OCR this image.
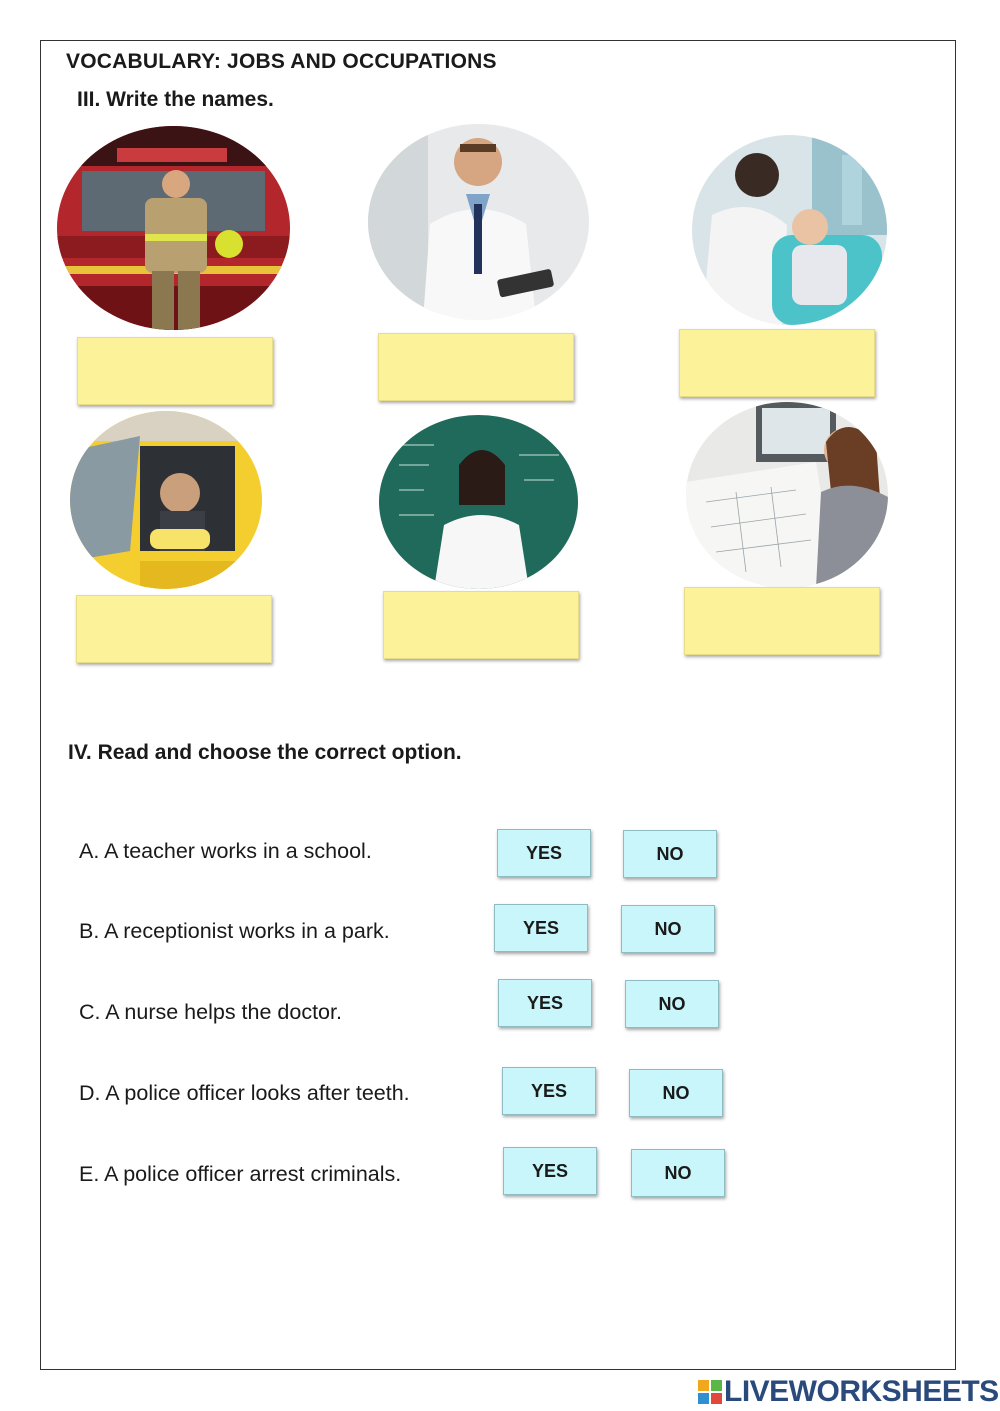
VOCABULARY: JOBS AND OCCUPATIONS
III. Write the names.
IV. Read and choose the correct option.
A. A teacher works in a school.	YES	NO
B. A receptionist works in a park.	YES	NO
C. A nurse helps the doctor.	YES	NO
D. A police officer looks after teeth.	YES	NO
E. A police officer arrest criminals.	YES	NO
LIVEWORKSHEETS
